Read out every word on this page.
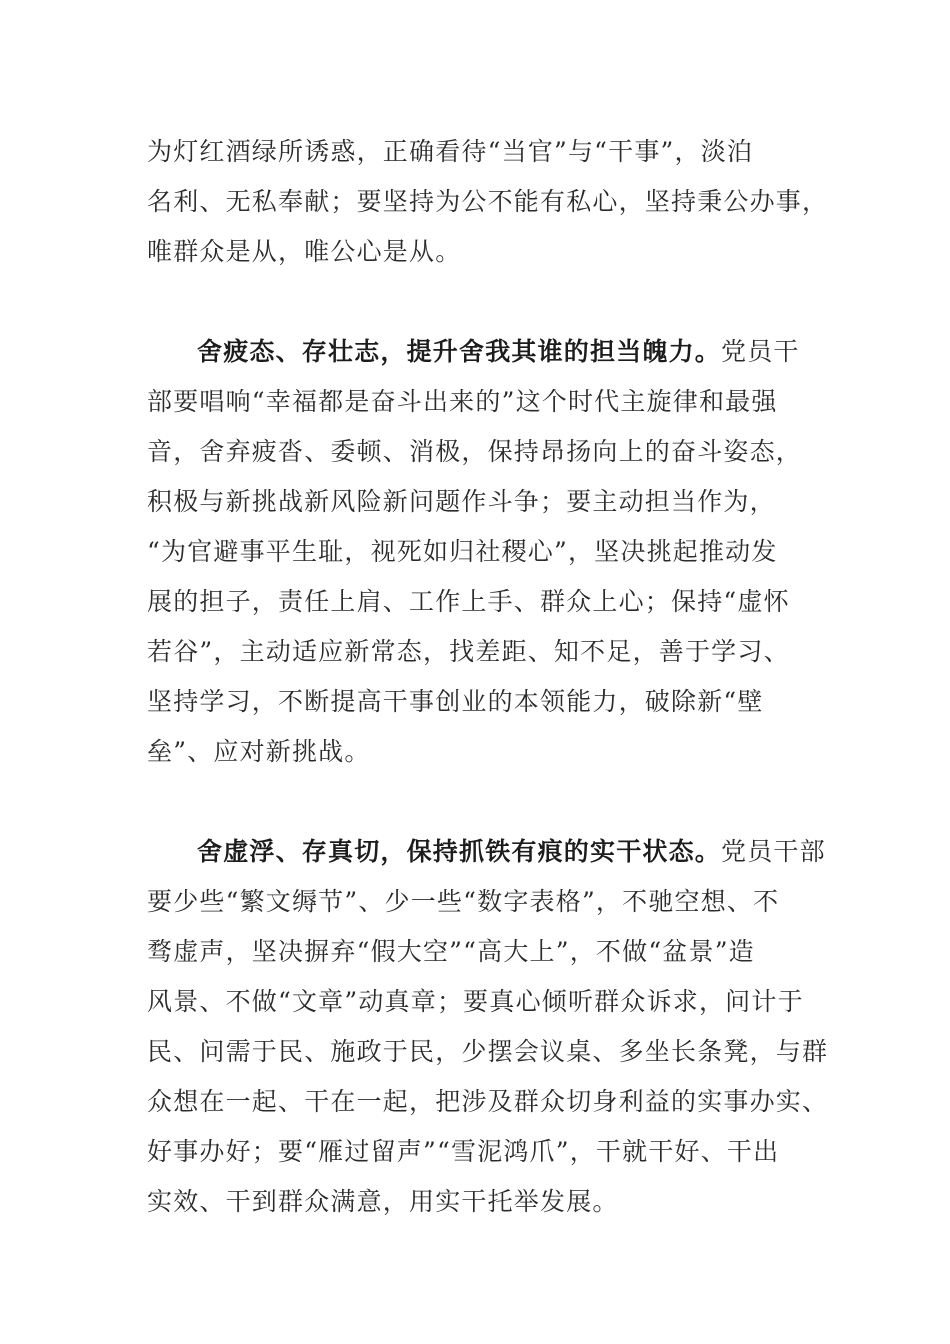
为灯红酒绿所诱惑，正确看待“当官”与“干事”，淡泊
名利、无私奉献；要坚持为公不能有私心，坚持秉公办事，
唯群众是从，唯公心是从。
舍疲态、存壮志，提升舍我其谁的担当魄力。党员干
部要唱响“幸福都是奋斗出来的”这个时代主旋律和最强
音，舍弃疲沓、委顿、消极，保持昂扬向上的奋斗姿态，
积极与新挑战新风险新问题作斗争；要主动担当作为，
“为官避事平生耻，视死如归社稷心”，坚决挑起推动发
展的担子，责任上肩、工作上手、群众上心；保持“虚怀
若谷”，主动适应新常态，找差距、知不足，善于学习、
坚持学习，不断提高干事创业的本领能力，破除新“壁
垒”、应对新挑战。
舍虚浮、存真切，保持抓铁有痕的实干状态。党员干部
要少些“繁文缛节”、少一些“数字表格”，不驰空想、不
骛虚声，坚决摒弃“假大空”“高大上”，不做“盆景”造
风景、不做“文章”动真章；要真心倾听群众诉求，问计于
民、问需于民、施政于民，少摆会议桌、多坐长条凳，与群
众想在一起、干在一起，把涉及群众切身利益的实事办实、
好事办好；要“雁过留声”“雪泥鸿爪”，干就干好、干出
实效、干到群众满意，用实干托举发展。
